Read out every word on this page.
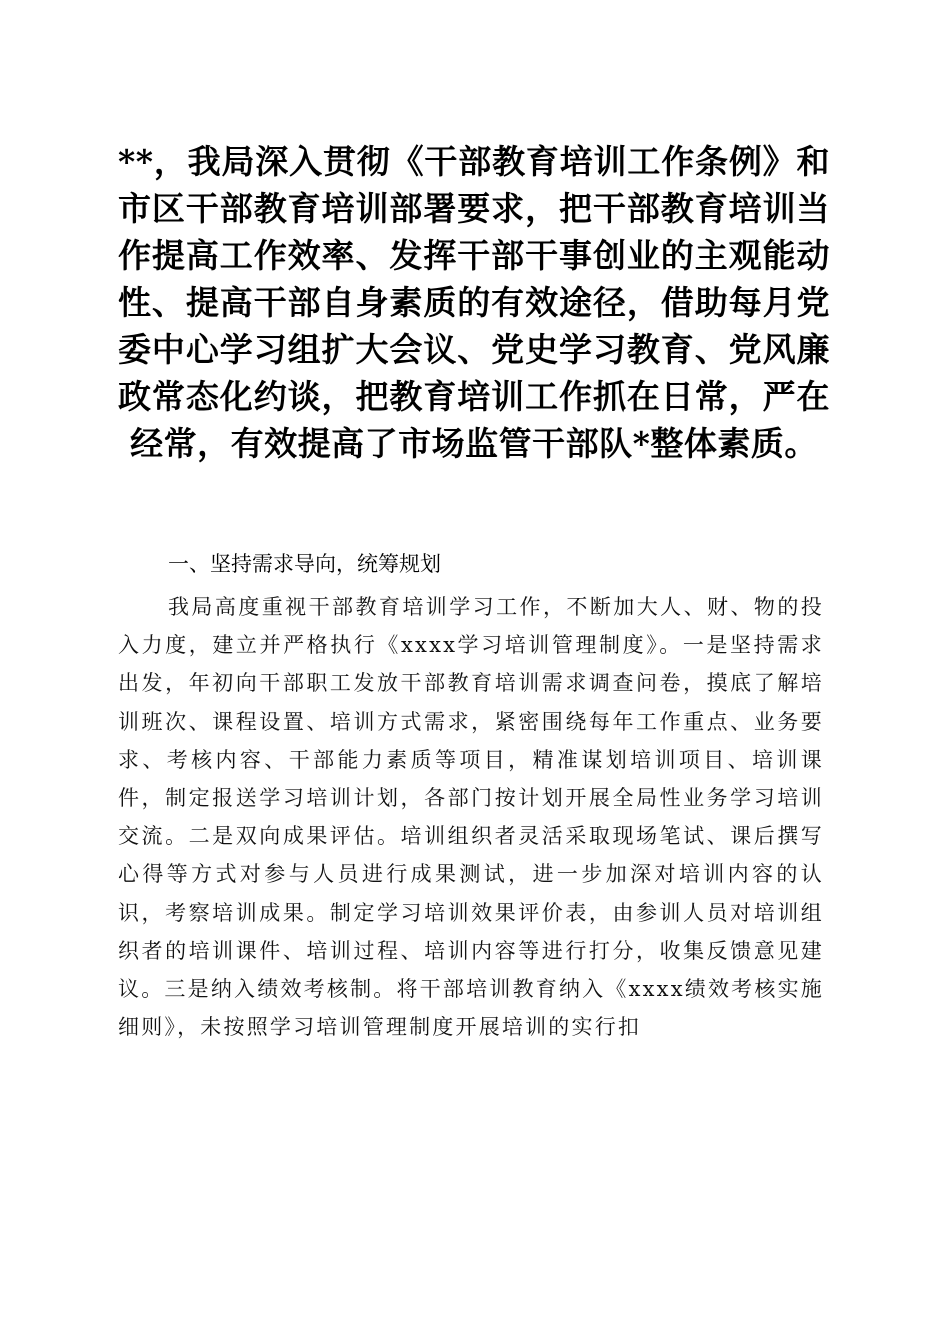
**，我局深入贯彻《干部教育培训工作条例》和市区干部教育培训部署要求，把干部教育培训当作提高工作效率、发挥干部干事创业的主观能动性、提高干部自身素质的有效途径，借助每月党委中心学习组扩大会议、党史学习教育、党风廉政常态化约谈，把教育培训工作抓在日常，严在经常，有效提高了市场监管干部队*整体素质。
一、坚持需求导向，统筹规划

我局高度重视干部教育培训学习工作，不断加大人、财、物的投入力度，建立并严格执行《xxxx学习培训管理制度》。一是坚持需求出发，年初向干部职工发放干部教育培训需求调查问卷，摸底了解培训班次、课程设置、培训方式需求，紧密围绕每年工作重点、业务要求、考核内容、干部能力素质等项目，精准谋划培训项目、培训课件，制定报送学习培训计划，各部门按计划开展全局性业务学习培训交流。二是双向成果评估。培训组织者灵活采取现场笔试、课后撰写心得等方式对参与人员进行成果测试，进一步加深对培训内容的认识，考察培训成果。制定学习培训效果评价表，由参训人员对培训组织者的培训课件、培训过程、培训内容等进行打分，收集反馈意见建议。三是纳入绩效考核制。将干部培训教育纳入《xxxx绩效考核实施细则》，未按照学习培训管理制度开展培训的实行扣
